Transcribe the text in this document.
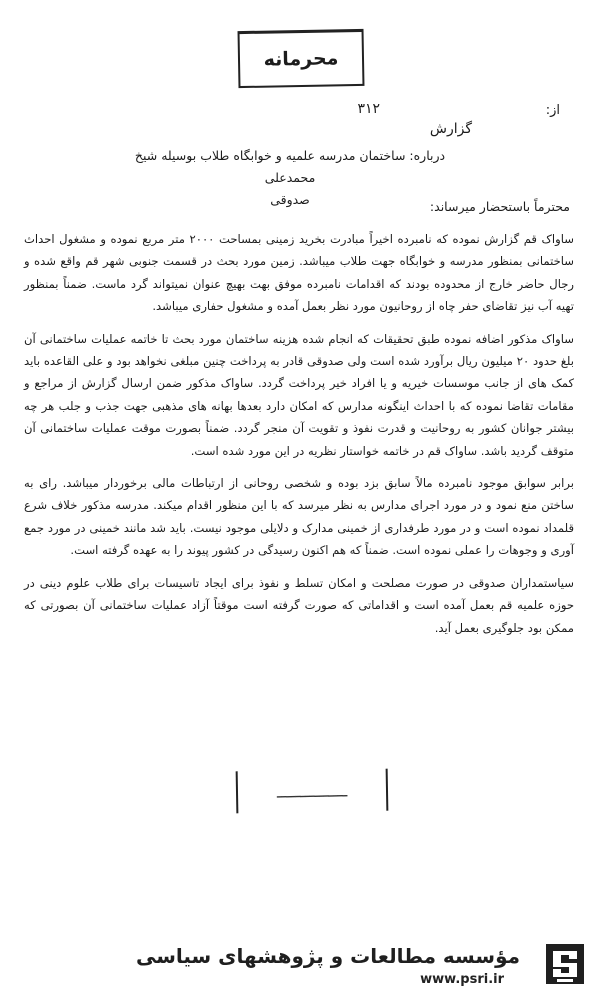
محرمانه
از:
۳۱۲
گزارش
درباره: ساختمان مدرسه علمیه و خوابگاه طلاب بوسیله شیخ محمدعلی
صدوقی	محترماً باستحضار میرساند:

ساواک قم گزارش نموده که نامبرده اخیراً مبادرت بخرید زمینی بمساحت ۲۰۰۰ متر مربع نموده و مشغول احداث ساختمانی بمنظور مدرسه و خوابگاه جهت طلاب میباشد. زمین مورد بحث در قسمت جنوبی شهر قم واقع شده و رجال حاضر خارج از محدوده بودند که اقدامات نامبرده موفق بهت بهیچ عنوان نمیتواند گرد ماست. ضمناً بمنظور تهیه آب نیز تقاضای حفر چاه از روحانیون مورد نظر بعمل آمده و مشغول حفاری میباشد.

ساواک مذکور اضافه نموده طبق تحقیقات که انجام شده هزینه ساختمان مورد بحث تا خاتمه عملیات ساختمانی آن بلغ حدود ۲۰ میلیون ریال برآورد شده است ولی صدوقی قادر به پرداخت چنین مبلغی نخواهد بود و علی القاعده باید کمک های از جانب موسسات خیریه و یا افراد خیر پرداخت گردد. ساواک مذکور ضمن ارسال گزارش از مراجع و مقامات تقاضا نموده که با احداث اینگونه مدارس که امکان دارد بعدها بهانه های مذهبی جهت جذب و جلب هر چه بیشتر جوانان کشور به روحانیت و قدرت نفوذ و تقویت آن منجر گردد. ضمناً بصورت موقت عملیات ساختمانی آن متوقف گردید باشد. ساواک قم در خاتمه خواستار نظریه در این مورد شده است.

برابر سوابق موجود نامبرده مالاً سابق بزد بوده و شخصی روحانی از ارتباطات مالی برخوردار میباشد. رای به ساختن منع نمود و در مورد اجرای مدارس به نظر میرسد که با این منظور اقدام میکند. مدرسه مذکور خلاف شرع قلمداد نموده است و در مورد طرفداری از خمینی مدارک و دلایلی موجود نیست. باید شد مانند خمینی در مورد جمع آوری و وجوهات را عملی نموده است. ضمناً که هم اکنون رسیدگی در کشور پیوند را به عهده گرفته است.

سیاستمداران صدوقی در صورت مصلحت و امکان تسلط و نفوذ برای ایجاد تاسیسات برای طلاب علوم دینی در حوزه علمیه قم بعمل آمده است و اقداماتی که صورت گرفته است موقتاً آزاد عملیات ساختمانی آن بصورتی که ممکن بود جلوگیری بعمل آید.

ـــــــــــــــ
مؤسسه مطالعات و پژوهشهای سیاسی
www.psri.ir
